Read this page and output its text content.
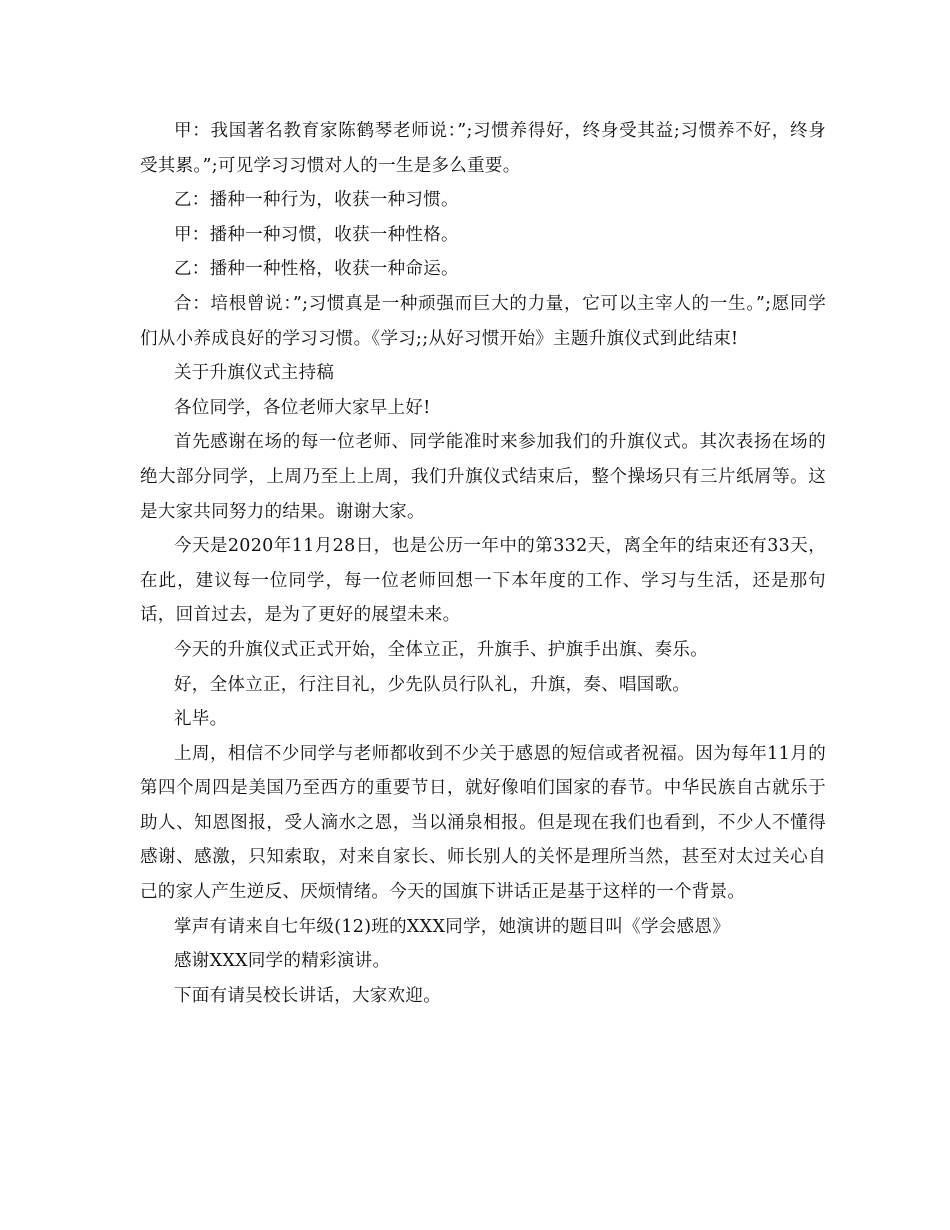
甲：我国著名教育家陈鹤琴老师说：”;习惯养得好，终身受其益;习惯养不好，终身受其累。”;可见学习习惯对人的一生是多么重要。

乙：播种一种行为，收获一种习惯。

甲：播种一种习惯，收获一种性格。

乙：播种一种性格，收获一种命运。

合：培根曾说：”;习惯真是一种顽强而巨大的力量，它可以主宰人的一生。”;愿同学们从小养成良好的学习习惯。《学习;;从好习惯开始》主题升旗仪式到此结束!

关于升旗仪式主持稿

各位同学，各位老师大家早上好!

首先感谢在场的每一位老师、同学能准时来参加我们的升旗仪式。其次表扬在场的绝大部分同学，上周乃至上上周，我们升旗仪式结束后，整个操场只有三片纸屑等。这是大家共同努力的结果。谢谢大家。

今天是2020年11月28日，也是公历一年中的第332天，离全年的结束还有33天，在此，建议每一位同学，每一位老师回想一下本年度的工作、学习与生活，还是那句话，回首过去，是为了更好的展望未来。

今天的升旗仪式正式开始，全体立正，升旗手、护旗手出旗、奏乐。

好，全体立正，行注目礼，少先队员行队礼，升旗，奏、唱国歌。

礼毕。

上周，相信不少同学与老师都收到不少关于感恩的短信或者祝福。因为每年11月的第四个周四是美国乃至西方的重要节日，就好像咱们国家的春节。中华民族自古就乐于助人、知恩图报，受人滴水之恩，当以涌泉相报。但是现在我们也看到，不少人不懂得感谢、感激，只知索取，对来自家长、师长别人的关怀是理所当然，甚至对太过关心自己的家人产生逆反、厌烦情绪。今天的国旗下讲话正是基于这样的一个背景。

掌声有请来自七年级(12)班的XXX同学，她演讲的题目叫《学会感恩》

感谢XXX同学的精彩演讲。

下面有请吴校长讲话，大家欢迎。
